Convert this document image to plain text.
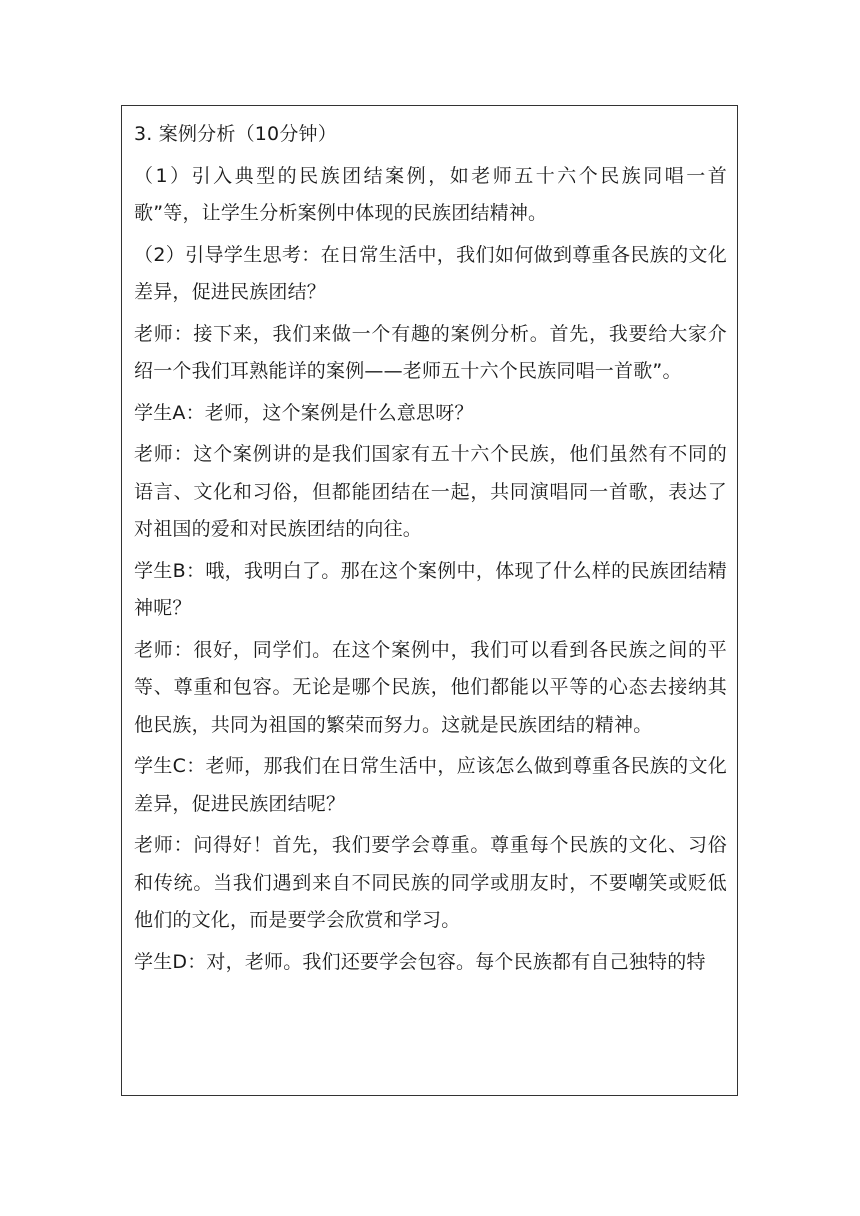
3. 案例分析（10分钟）

（1）引入典型的民族团结案例，如老师五十六个民族同唱一首歌”等，让学生分析案例中体现的民族团结精神。

（2）引导学生思考：在日常生活中，我们如何做到尊重各民族的文化差异，促进民族团结？

老师：接下来，我们来做一个有趣的案例分析。首先，我要给大家介绍一个我们耳熟能详的案例——老师五十六个民族同唱一首歌”。

学生A：老师，这个案例是什么意思呀？

老师：这个案例讲的是我们国家有五十六个民族，他们虽然有不同的语言、文化和习俗，但都能团结在一起，共同演唱同一首歌，表达了对祖国的爱和对民族团结的向往。

学生B：哦，我明白了。那在这个案例中，体现了什么样的民族团结精神呢？

老师：很好，同学们。在这个案例中，我们可以看到各民族之间的平等、尊重和包容。无论是哪个民族，他们都能以平等的心态去接纳其他民族，共同为祖国的繁荣而努力。这就是民族团结的精神。

学生C：老师，那我们在日常生活中，应该怎么做到尊重各民族的文化差异，促进民族团结呢？

老师：问得好！首先，我们要学会尊重。尊重每个民族的文化、习俗和传统。当我们遇到来自不同民族的同学或朋友时，不要嘲笑或贬低他们的文化，而是要学会欣赏和学习。

学生D：对，老师。我们还要学会包容。每个民族都有自己独特的特
